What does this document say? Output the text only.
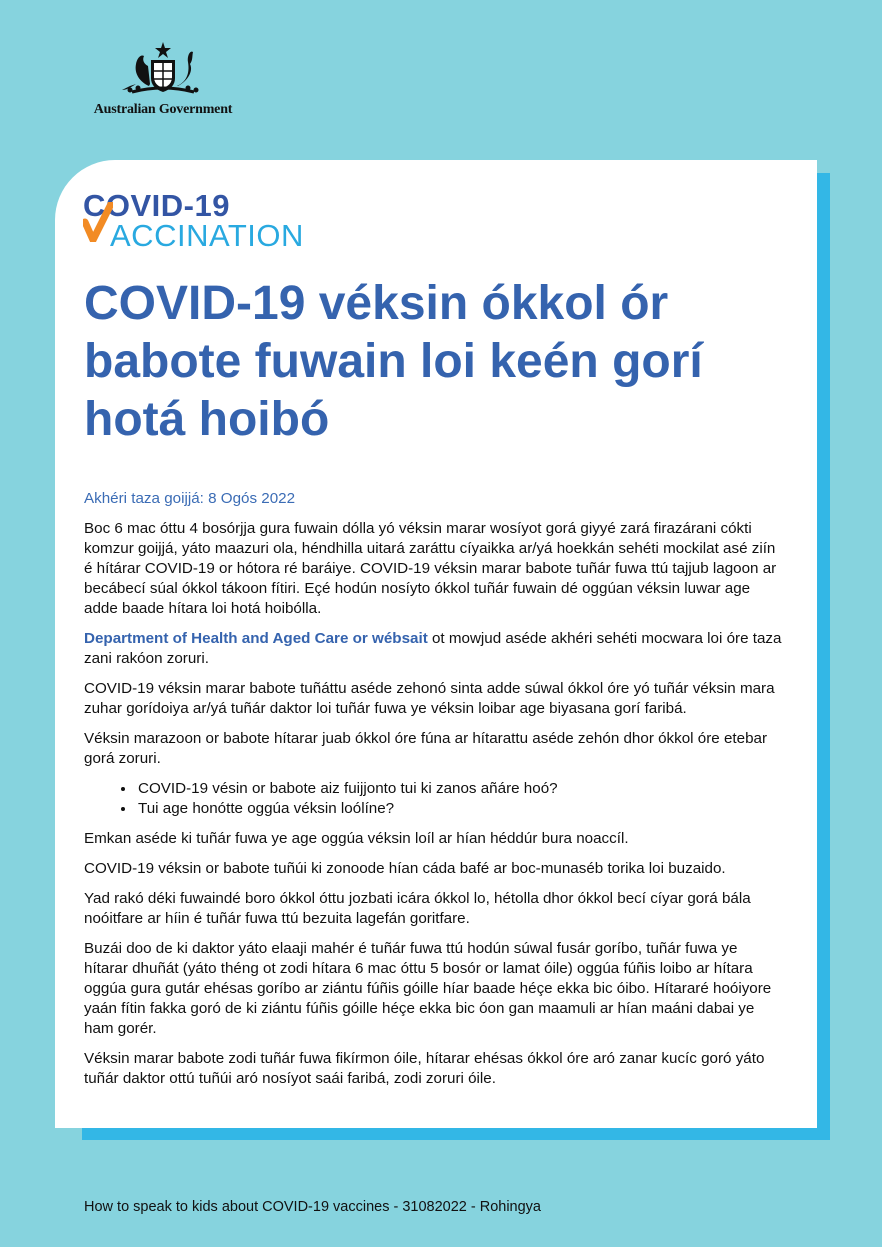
Australian Government
COVID-19
ACCINATION
COVID-19 véksin ókkol ór babote fuwain loi keén gorí hotá hoibó

Akhéri taza goijjá: 8 Ogós 2022

Boc 6 mac óttu 4 bosórjja gura fuwain dólla yó véksin marar wosíyot gorá giyyé zará firazárani cókti komzur goijjá, yáto maazuri ola, héndhilla uitará zaráttu cíyaikka ar/yá hoekkán sehéti mockilat asé ziín é hítárar COVID-19 or hótora ré baráiye. COVID-19 véksin marar babote tuñár fuwa ttú tajjub lagoon ar becábecí súal ókkol tákoon fítiri. Eçé hodún nosíyto ókkol tuñár fuwain dé oggúan véksin luwar age adde baade hítara loi hotá hoibólla.

Department of Health and Aged Care or wébsait ot mowjud aséde akhéri sehéti mocwara loi óre taza zani rakóon zoruri.

COVID-19 véksin marar babote tuñáttu aséde zehonó sinta adde súwal ókkol óre yó tuñár véksin mara zuhar gorídoiya ar/yá tuñár daktor loi tuñár fuwa ye véksin loibar age biyasana gorí faribá.

Véksin marazoon or babote hítarar juab ókkol óre fúna ar hítarattu aséde zehón dhor ókkol óre etebar gorá zoruri.

• COVID-19 vésin or babote aiz fuijjonto tui ki zanos añáre hoó?
• Tui age honótte oggúa véksin loólíne?

Emkan aséde ki tuñár fuwa ye age oggúa véksin loíl ar hían héddúr bura noaccíl.

COVID-19 véksin or babote tuñúi ki zonoode hían cáda bafé ar boc-munaséb torika loi buzaido.

Yad rakó déki fuwaindé boro ókkol óttu jozbati icára ókkol lo, hétolla dhor ókkol becí cíyar gorá bála noóitfare ar híin é tuñár fuwa ttú bezuita lagefán goritfare.

Buzái doo de ki daktor yáto elaaji mahér é tuñár fuwa ttú hodún súwal fusár goríbo, tuñár fuwa ye hítarar dhuñát (yáto théng ot zodi hítara 6 mac óttu 5 bosór or lamat óile) oggúa fúñis loibo ar hítara oggúa gura gutár ehésas goríbo ar ziántu fúñis góille híar baade héçe ekka bic óibo. Hítararé hoóiyore yaán fítin fakka goró de ki ziántu fúñis góille héçe ekka bic óon gan maamuli ar hían maáni dabai ye ham gorér.

Véksin marar babote zodi tuñár fuwa fikírmon óile, hítarar ehésas ókkol óre aró zanar kucíc goró yáto tuñár daktor ottú tuñúi aró nosíyot saái faribá, zodi zoruri óile.

How to speak to kids about COVID-19 vaccines - 31082022 - Rohingya
